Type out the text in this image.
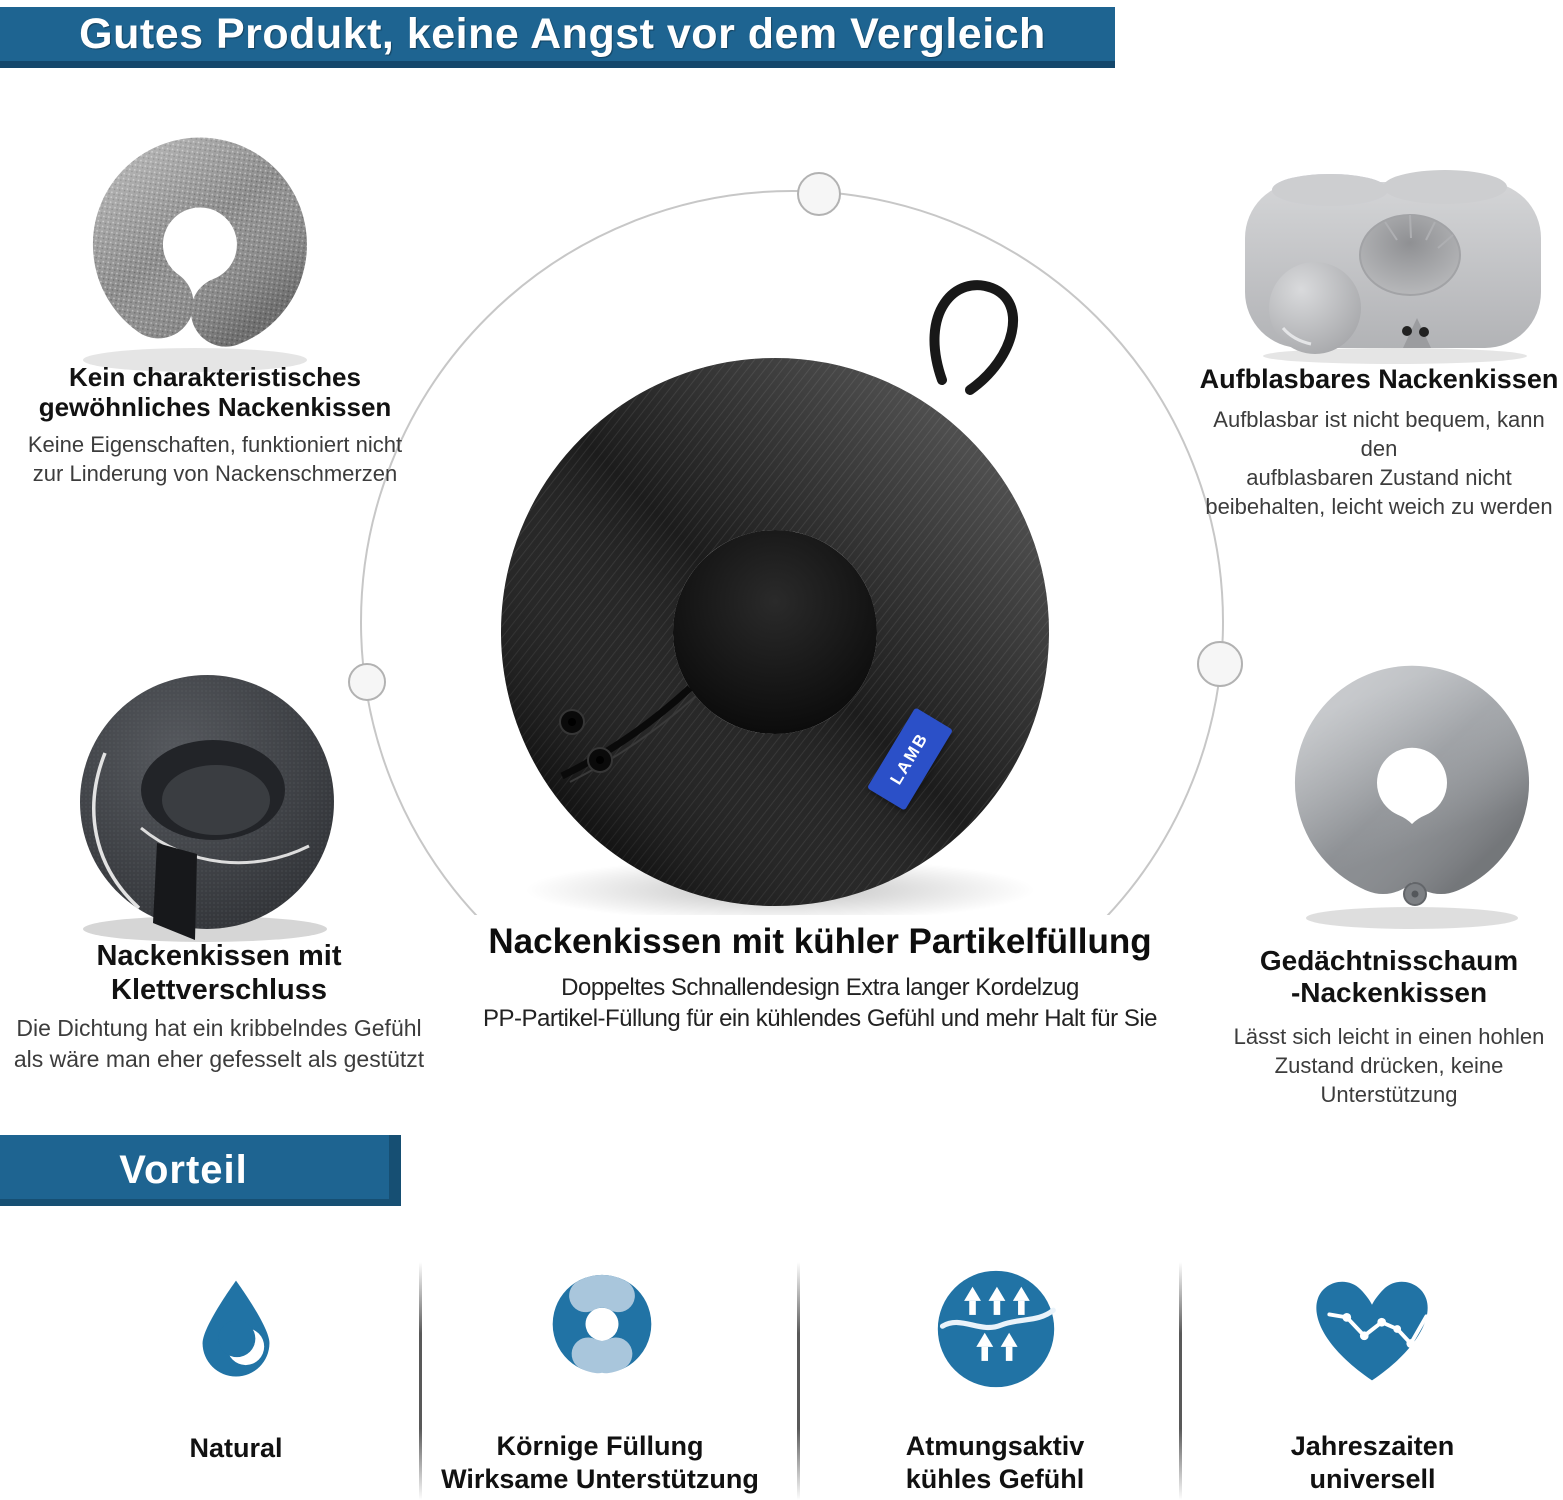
Gutes Produkt, keine Angst vor dem Vergleich
LAMB
Kein charakteristisches
gewöhnliches Nackenkissen
Keine Eigenschaften, funktioniert nicht
zur Linderung von Nackenschmerzen
Aufblasbares Nackenkissen
Aufblasbar ist nicht bequem, kann den
aufblasbaren Zustand nicht
beibehalten, leicht weich zu werden
Nackenkissen mit Klettverschluss
Die Dichtung hat ein kribbelndes Gefühl
als wäre man eher gefesselt als gestützt
Gedächtnisschaum
-Nackenkissen
Lässt sich leicht in einen hohlen
Zustand drücken, keine Unterstützung
Nackenkissen mit kühler Partikelfüllung
Doppeltes Schnallendesign Extra langer Kordelzug
PP-Partikel-Füllung für ein kühlendes Gefühl und mehr Halt für Sie
Vorteil
Natural	Körnige Füllung
Wirksame Unterstützung
Atmungsaktiv
kühles Gefühl
Jahreszaiten
universell
